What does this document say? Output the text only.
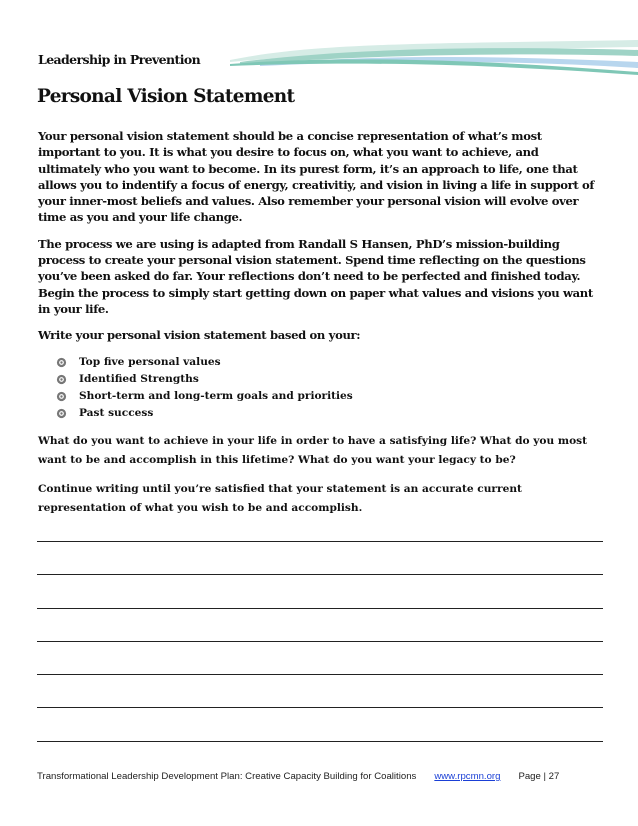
Leadership in Prevention
Personal Vision Statement

Your personal vision statement should be a concise representation of what’s most important to you. It is what you desire to focus on, what you want to achieve, and ultimately who you want to become. In its purest form, it’s an approach to life, one that allows you to indentify a focus of energy, creativitiy, and vision in living a life in support of your inner-most beliefs and values. Also remember your personal vision will evolve over time as you and your life change.

The process we are using is adapted from Randall S Hansen, PhD’s mission-building process to create your personal vision statement. Spend time reflecting on the questions you’ve been asked do far. Your reflections don’t need to be perfected and finished today. Begin the process to simply start getting down on paper what values and visions you want in your life.

Write your personal vision statement based on your:

Top five personal values
Identified Strengths
Short-term and long-term goals and priorities
Past success

What do you want to achieve in your life in order to have a satisfying life? What do you most want to be and accomplish in this lifetime? What do you want your legacy to be?

Continue writing until you’re satisfied that your statement is an accurate current representation of what you wish to be and accomplish.

Transformational Leadership Development Plan: Creative Capacity Building for Coalitions www.rpcmn.org Page | 27
